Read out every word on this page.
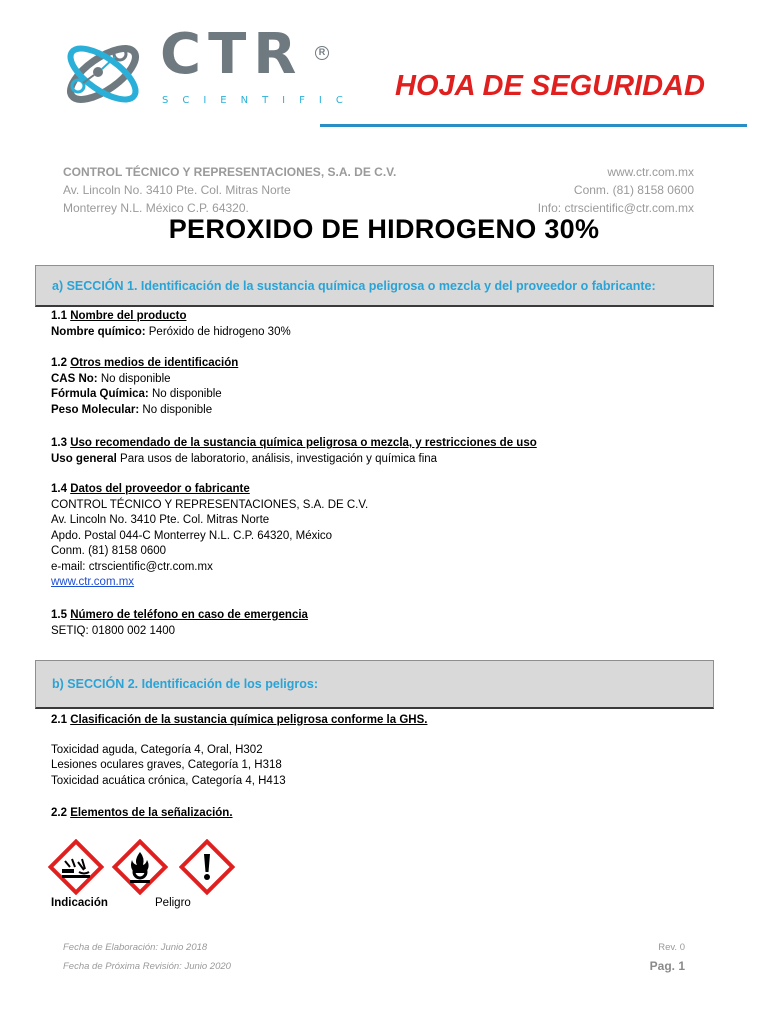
CTR	R
SCIENTIFIC HOJA DE SEGURIDAD
CONTROL TÉCNICO Y REPRESENTACIONES, S.A. DE C.V.
Av. Lincoln No. 3410 Pte. Col. Mitras Norte
Monterrey N.L. México C.P. 64320.
www.ctr.com.mx
Conm. (81) 8158 0600
Info: ctrscientific@ctr.com.mx
PEROXIDO DE HIDROGENO 30%
a) SECCIÓN 1. Identificación de la sustancia química peligrosa o mezcla y del proveedor o fabricante:
1.1 Nombre del producto
Nombre químico: Peróxido de hidrogeno 30%
1.2 Otros medios de identificación
CAS No: No disponible
Fórmula Química: No disponible
Peso Molecular: No disponible
1.3 Uso recomendado de la sustancia química peligrosa o mezcla, y restricciones de uso
Uso general Para usos de laboratorio, análisis, investigación y química fina
1.4 Datos del proveedor o fabricante
CONTROL TÉCNICO Y REPRESENTACIONES, S.A. DE C.V.
Av. Lincoln No. 3410 Pte. Col. Mitras Norte
Apdo. Postal 044-C Monterrey N.L. C.P. 64320, México
Conm. (81) 8158 0600
e-mail: ctrscientific@ctr.com.mx
www.ctr.com.mx
1.5 Número de teléfono en caso de emergencia
SETIQ: 01800 002 1400
b) SECCIÓN 2. Identificación de los peligros:
2.1 Clasificación de la sustancia química peligrosa conforme la GHS.
Toxicidad aguda, Categoría 4, Oral, H302
Lesiones oculares graves, Categoría 1, H318
Toxicidad acuática crónica, Categoría 4, H413
2.2 Elementos de la señalización.
Indicación	Peligro
Fecha de Elaboración: Junio 2018
Fecha de Próxima Revisión: Junio 2020
Rev. 0
Pag. 1
